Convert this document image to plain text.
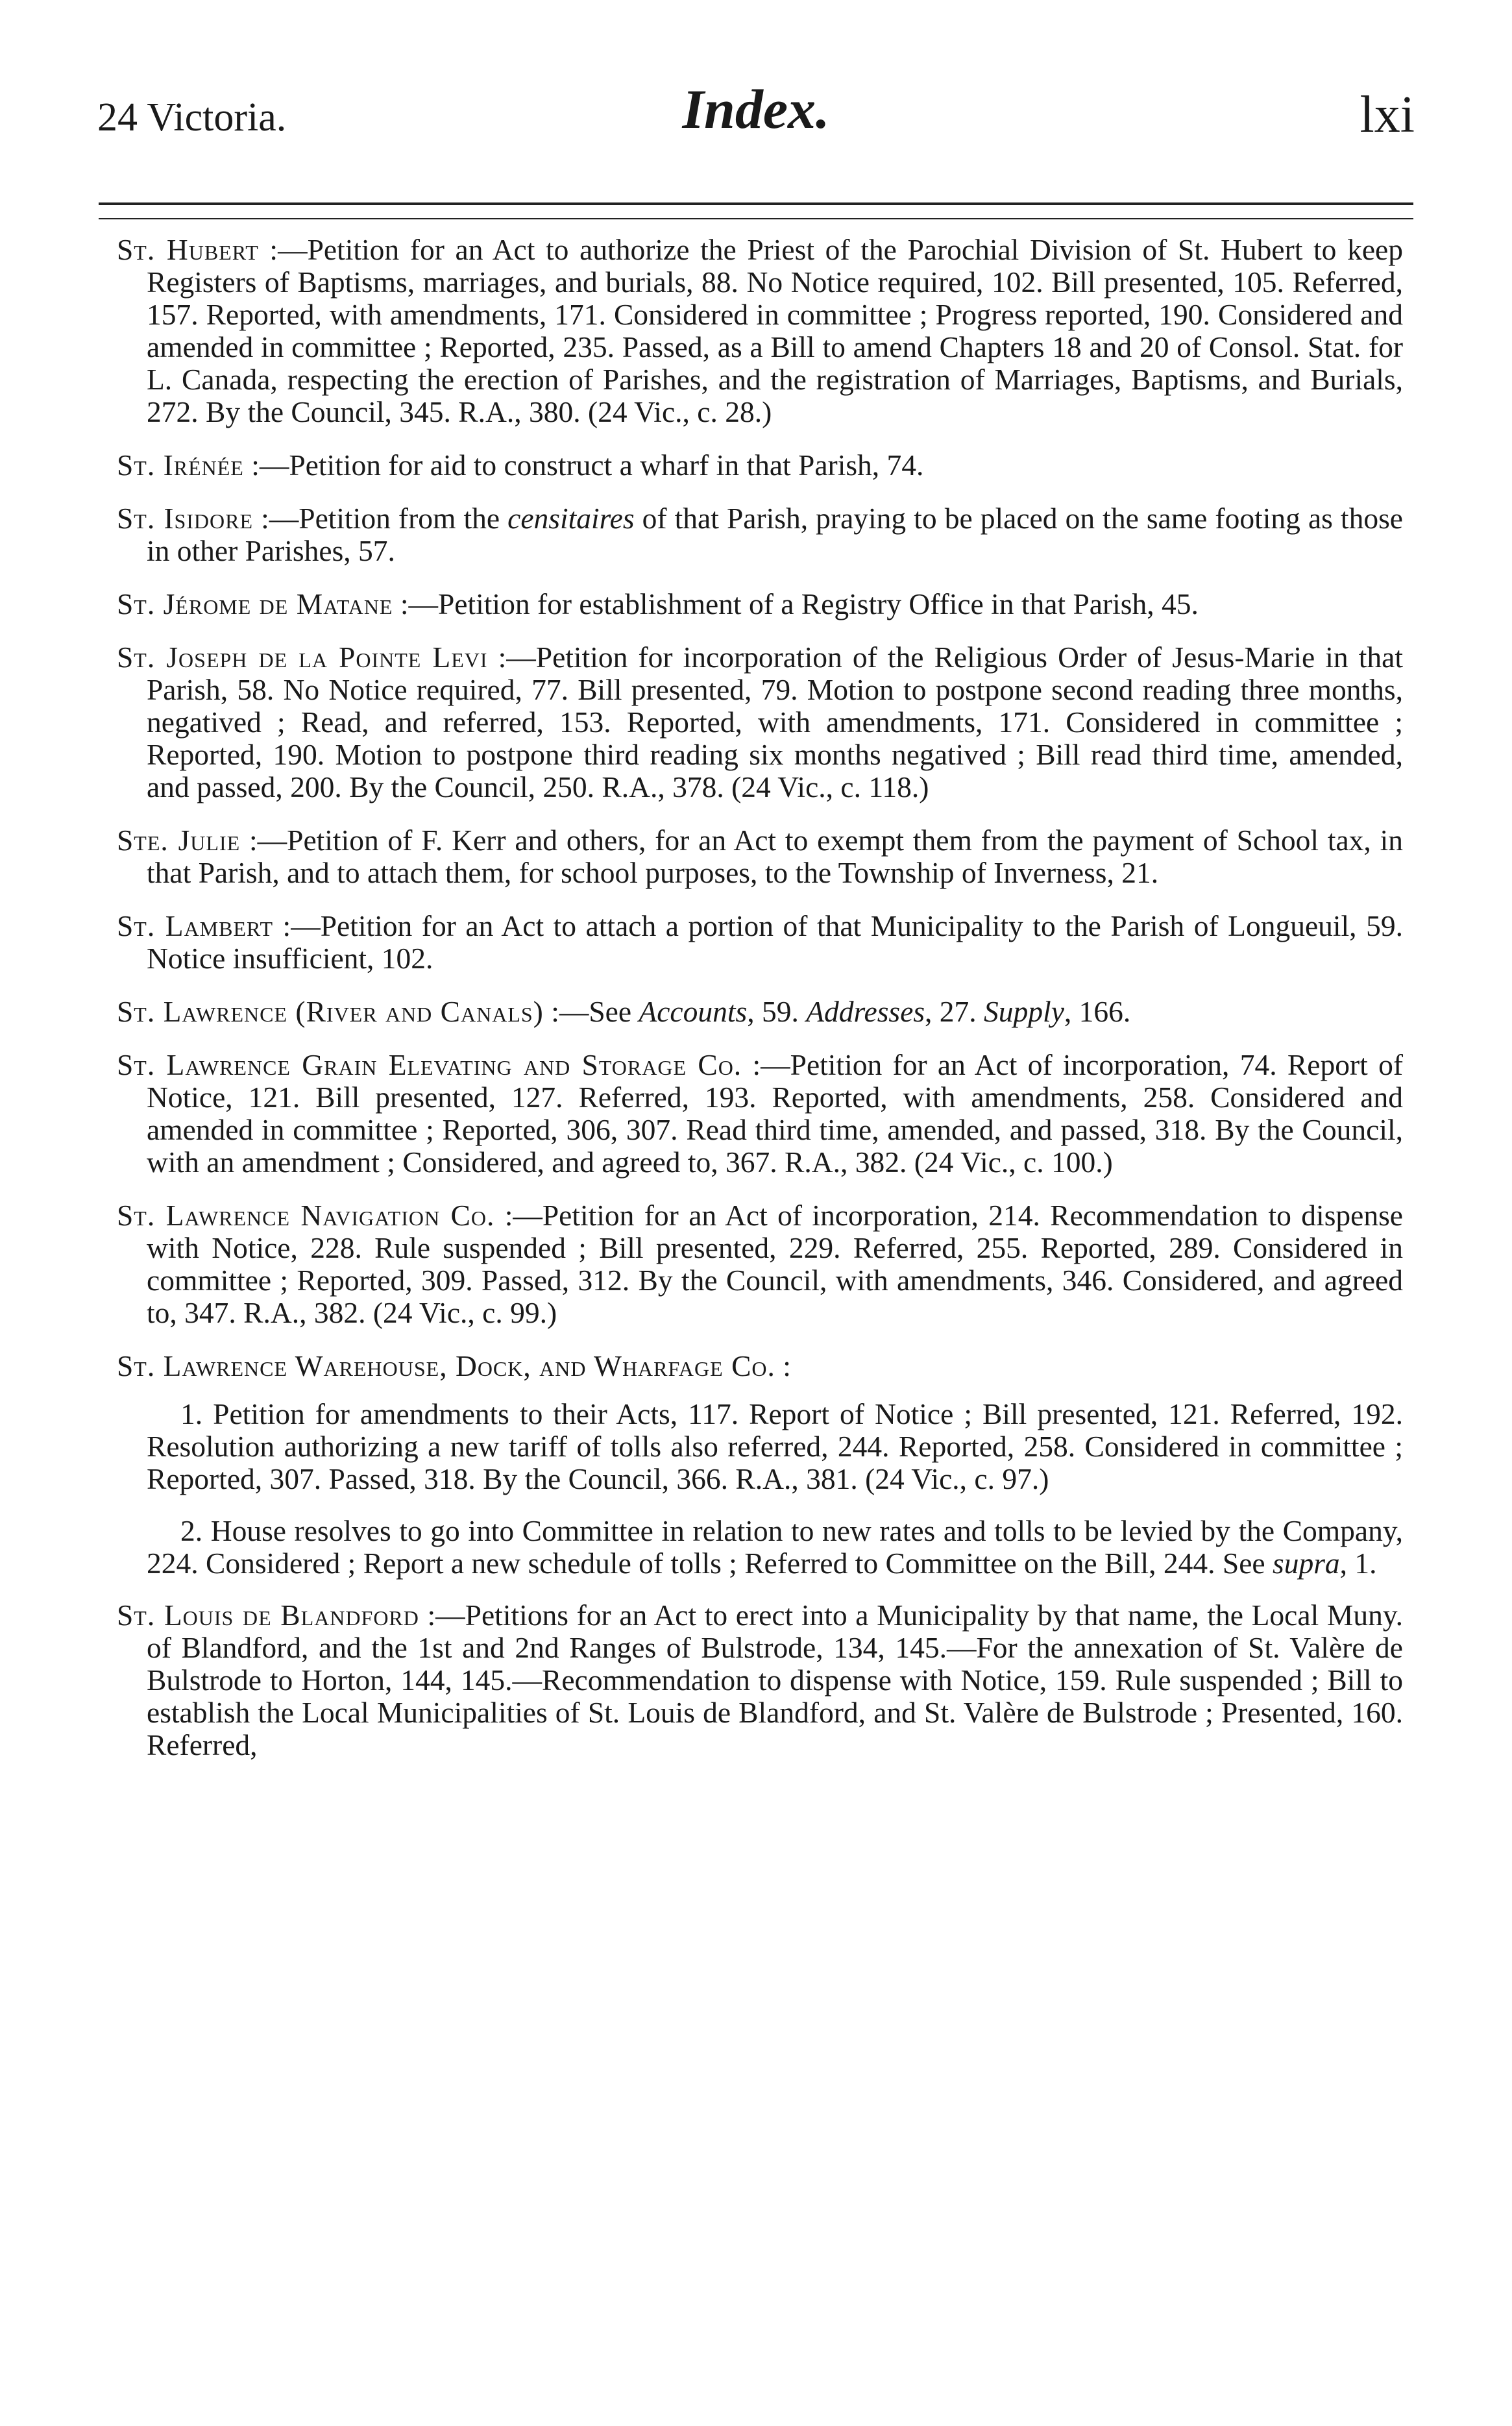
24 Victoria.	Index.	lxi

St. Hubert :—Petition for an Act to authorize the Priest of the Parochial Division of St. Hubert to keep Registers of Baptisms, marriages, and burials, 88. No Notice required, 102. Bill presented, 105. Referred, 157. Reported, with amendments, 171. Considered in committee ; Progress reported, 190. Considered and amended in committee ; Reported, 235. Passed, as a Bill to amend Chapters 18 and 20 of Consol. Stat. for L. Canada, respecting the erection of Parishes, and the registration of Marriages, Baptisms, and Burials, 272. By the Council, 345. R.A., 380. (24 Vic., c. 28.)

St. Irénée :—Petition for aid to construct a wharf in that Parish, 74.

St. Isidore :—Petition from the censitaires of that Parish, praying to be placed on the same footing as those in other Parishes, 57.

St. Jérome de Matane :—Petition for establishment of a Registry Office in that Parish, 45.

St. Joseph de la Pointe Levi :—Petition for incorporation of the Religious Order of Jesus-Marie in that Parish, 58. No Notice required, 77. Bill presented, 79. Motion to postpone second reading three months, negatived ; Read, and referred, 153. Reported, with amendments, 171. Considered in committee ; Reported, 190. Motion to postpone third reading six months negatived ; Bill read third time, amended, and passed, 200. By the Council, 250. R.A., 378. (24 Vic., c. 118.)

Ste. Julie :—Petition of F. Kerr and others, for an Act to exempt them from the payment of School tax, in that Parish, and to attach them, for school purposes, to the Township of Inverness, 21.

St. Lambert :—Petition for an Act to attach a portion of that Municipality to the Parish of Longueuil, 59. Notice insufficient, 102.

St. Lawrence (River and Canals) :—See Accounts, 59. Addresses, 27. Supply, 166.

St. Lawrence Grain Elevating and Storage Co. :—Petition for an Act of incorporation, 74. Report of Notice, 121. Bill presented, 127. Referred, 193. Reported, with amendments, 258. Considered and amended in committee ; Reported, 306, 307. Read third time, amended, and passed, 318. By the Council, with an amendment ; Considered, and agreed to, 367. R.A., 382. (24 Vic., c. 100.)

St. Lawrence Navigation Co. :—Petition for an Act of incorporation, 214. Recommendation to dispense with Notice, 228. Rule suspended ; Bill presented, 229. Referred, 255. Reported, 289. Considered in committee ; Reported, 309. Passed, 312. By the Council, with amendments, 346. Considered, and agreed to, 347. R.A., 382. (24 Vic., c. 99.)

St. Lawrence Warehouse, Dock, and Wharfage Co. :

1. Petition for amendments to their Acts, 117. Report of Notice ; Bill presented, 121. Referred, 192. Resolution authorizing a new tariff of tolls also referred, 244. Reported, 258. Considered in committee ; Reported, 307. Passed, 318. By the Council, 366. R.A., 381. (24 Vic., c. 97.)

2. House resolves to go into Committee in relation to new rates and tolls to be levied by the Company, 224. Considered ; Report a new schedule of tolls ; Referred to Committee on the Bill, 244. See supra, 1.

St. Louis de Blandford :—Petitions for an Act to erect into a Municipality by that name, the Local Muny. of Blandford, and the 1st and 2nd Ranges of Bulstrode, 134, 145.—For the annexation of St. Valère de Bulstrode to Horton, 144, 145.—Recommendation to dispense with Notice, 159. Rule suspended ; Bill to establish the Local Municipalities of St. Louis de Blandford, and St. Valère de Bulstrode ; Presented, 160. Referred,
